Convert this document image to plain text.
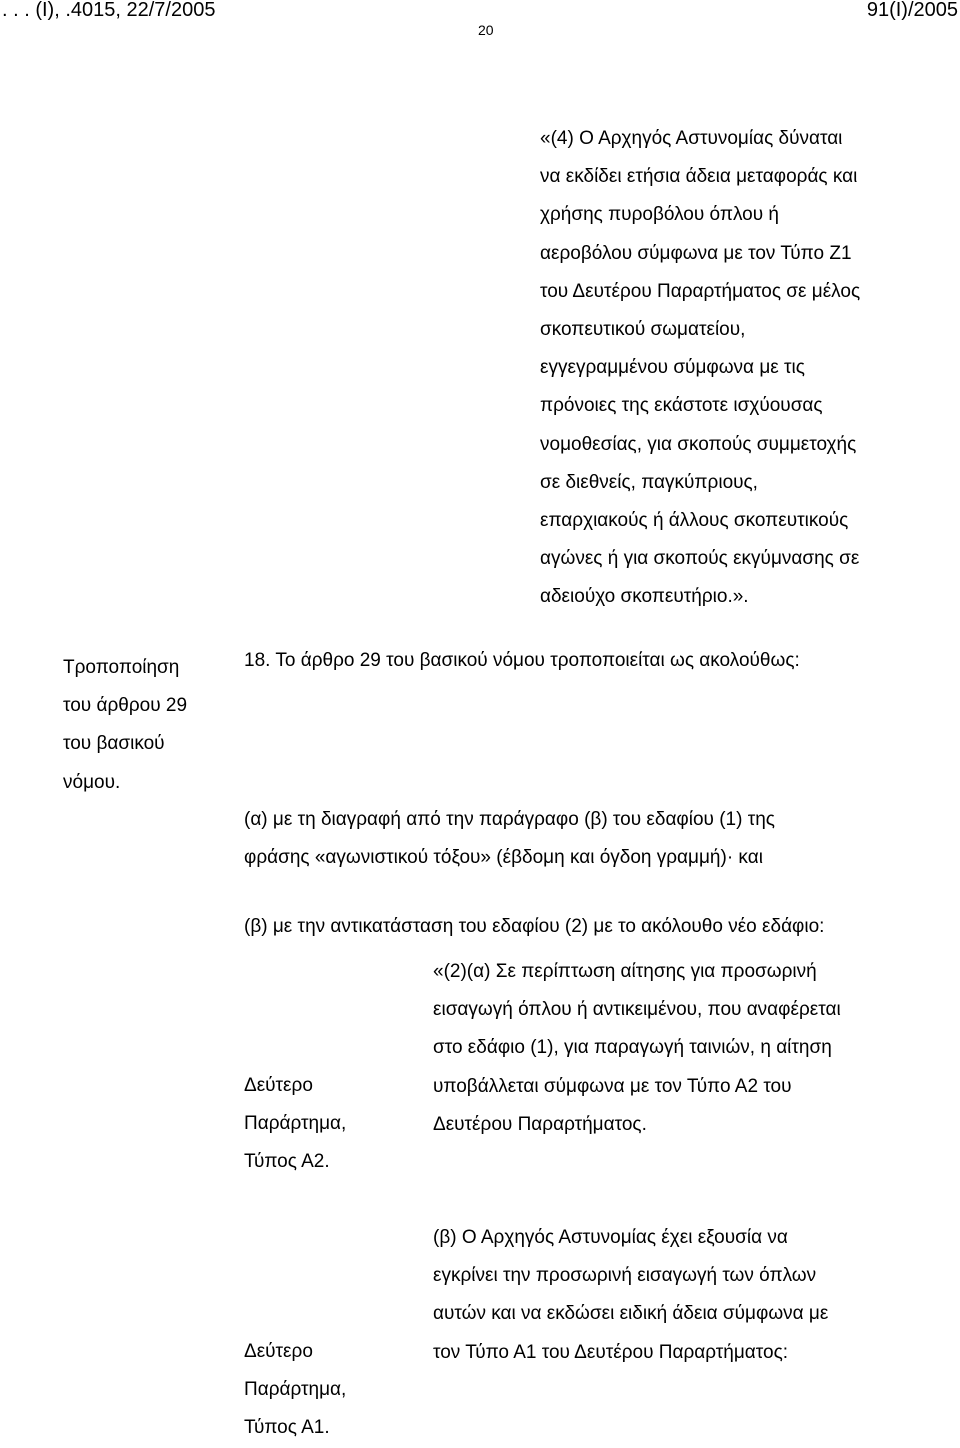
. . . (Ι), .4015, 22/7/2005	91(Ι)/2005
20
«(4) Ο Αρχηγός Αστυνομίας δύναται
να εκδίδει ετήσια άδεια μεταφοράς και
χρήσης πυροβόλου όπλου ή
αεροβόλου σύμφωνα με τον Τύπο Ζ1
του Δευτέρου Παραρτήματος σε μέλος
σκοπευτικού σωματείου,
εγγεγραμμένου σύμφωνα με τις
πρόνοιες της εκάστοτε ισχύουσας
νομοθεσίας, για σκοπούς συμμετοχής
σε διεθνείς, παγκύπριους,
επαρχιακούς ή άλλους σκοπευτικούς
αγώνες ή για σκοπούς εκγύμνασης σε
αδειούχο σκοπευτήριο.».
Τροποποίηση
του άρθρου 29
του βασικού
νόμου.
18. Το άρθρο 29 του βασικού νόμου τροποποιείται ως ακολούθως:
(α) με τη διαγραφή από την παράγραφο (β) του εδαφίου (1) της
φράσης «αγωνιστικού τόξου» (έβδομη και όγδοη γραμμή)· και
(β) με την αντικατάσταση του εδαφίου (2) με το ακόλουθο νέο εδάφιο:
«(2)(α) Σε περίπτωση αίτησης για προσωρινή
εισαγωγή όπλου ή αντικειμένου, που αναφέρεται
στο εδάφιο (1), για παραγωγή ταινιών, η αίτηση
υποβάλλεται σύμφωνα με τον Τύπο Α2 του
Δευτέρου Παραρτήματος.
Δεύτερο
Παράρτημα,
Τύπος Α2.
(β) Ο Αρχηγός Αστυνομίας έχει εξουσία να
εγκρίνει την προσωρινή εισαγωγή των όπλων
αυτών και να εκδώσει ειδική άδεια σύμφωνα με
τον Τύπο Α1 του Δευτέρου Παραρτήματος:
Δεύτερο
Παράρτημα,
Τύπος Α1.
